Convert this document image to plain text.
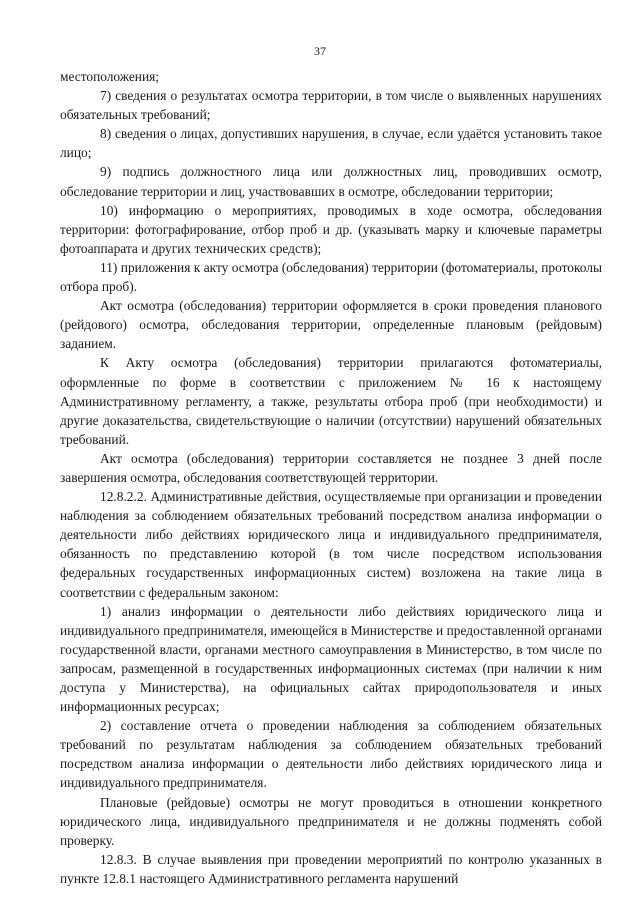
37

местоположения;

7) сведения о результатах осмотра территории, в том числе о выявленных нарушениях обязательных требований;

8) сведения о лицах, допустивших нарушения, в случае, если удаётся установить такое лицо;

9) подпись должностного лица или должностных лиц, проводивших осмотр, обследование территории и лиц, участвовавших в осмотре, обследовании территории;

10) информацию о мероприятиях, проводимых в ходе осмотра, обследования территории: фотографирование, отбор проб и др. (указывать марку и ключевые параметры фотоаппарата и других технических средств);

11) приложения к акту осмотра (обследования) территории (фотоматериалы, протоколы отбора проб).

Акт осмотра (обследования) территории оформляется в сроки проведения планового (рейдового) осмотра, обследования территории, определенные плановым (рейдовым) заданием.

К Акту осмотра (обследования) территории прилагаются фотоматериалы, оформленные по форме в соответствии с приложением № 16 к настоящему Административному регламенту, а также, результаты отбора проб (при необходимости) и другие доказательства, свидетельствующие о наличии (отсутствии) нарушений обязательных требований.

Акт осмотра (обследования) территории составляется не позднее 3 дней после завершения осмотра, обследования соответствующей территории.

12.8.2.2. Административные действия, осуществляемые при организации и проведении наблюдения за соблюдением обязательных требований посредством анализа информации о деятельности либо действиях юридического лица и индивидуального предпринимателя, обязанность по представлению которой (в том числе посредством использования федеральных государственных информационных систем) возложена на такие лица в соответствии с федеральным законом:

1) анализ информации о деятельности либо действиях юридического лица и индивидуального предпринимателя, имеющейся в Министерстве и предоставленной органами государственной власти, органами местного самоуправления в Министерство, в том числе по запросам, размещенной в государственных информационных системах (при наличии к ним доступа у Министерства), на официальных сайтах природопользователя и иных информационных ресурсах;

2) составление отчета о проведении наблюдения за соблюдением обязательных требований по результатам наблюдения за соблюдением обязательных требований посредством анализа информации о деятельности либо действиях юридического лица и индивидуального предпринимателя.

Плановые (рейдовые) осмотры не могут проводиться в отношении конкретного юридического лица, индивидуального предпринимателя и не должны подменять собой проверку.

12.8.3. В случае выявления при проведении мероприятий по контролю указанных в пункте 12.8.1 настоящего Административного регламента нарушений
